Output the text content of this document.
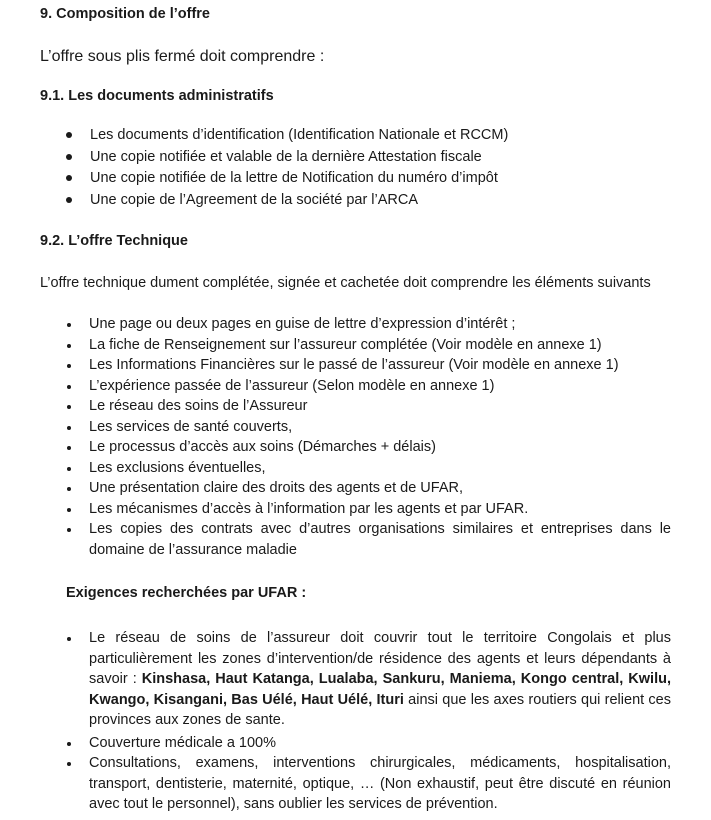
9. Composition de l’offre

L’offre sous plis fermé doit comprendre :

9.1. Les documents administratifs
Les documents d’identification (Identification Nationale et RCCM)
Une copie notifiée et valable de la dernière Attestation fiscale
Une copie notifiée de la lettre de Notification du numéro d’impôt
Une copie de l’Agreement de la société par l’ARCA
9.2. L’offre Technique

L’offre technique dument complétée, signée et cachetée doit comprendre les éléments suivants

Une page ou deux pages en guise de lettre d’expression d’intérêt ;
La fiche de Renseignement sur l’assureur complétée (Voir modèle en annexe 1)
Les Informations Financières sur le passé de l’assureur (Voir modèle en annexe 1)
L’expérience passée de l’assureur (Selon modèle en annexe 1)
Le réseau des soins de l’Assureur
Les services de santé couverts,
Le processus d’accès aux soins (Démarches + délais)
Les exclusions éventuelles,
Une présentation claire des droits des agents et de UFAR,
Les mécanismes d’accès à l’information par les agents et par UFAR.
Les copies des contrats avec d’autres organisations similaires et entreprises dans le domaine de l’assurance maladie
Exigences recherchées par UFAR :
Le réseau de soins de l’assureur doit couvrir tout le territoire Congolais et plus particulièrement les zones d’intervention/de résidence des agents et leurs dépendants à savoir : Kinshasa, Haut Katanga, Lualaba, Sankuru, Maniema, Kongo central, Kwilu, Kwango, Kisangani, Bas Uélé, Haut Uélé, Ituri ainsi que les axes routiers qui relient ces provinces aux zones de sante.
Couverture médicale a 100%
Consultations, examens, interventions chirurgicales, médicaments, hospitalisation, transport, dentisterie, maternité, optique, … (Non exhaustif, peut être discuté en réunion avec tout le personnel), sans oublier les services de prévention.
